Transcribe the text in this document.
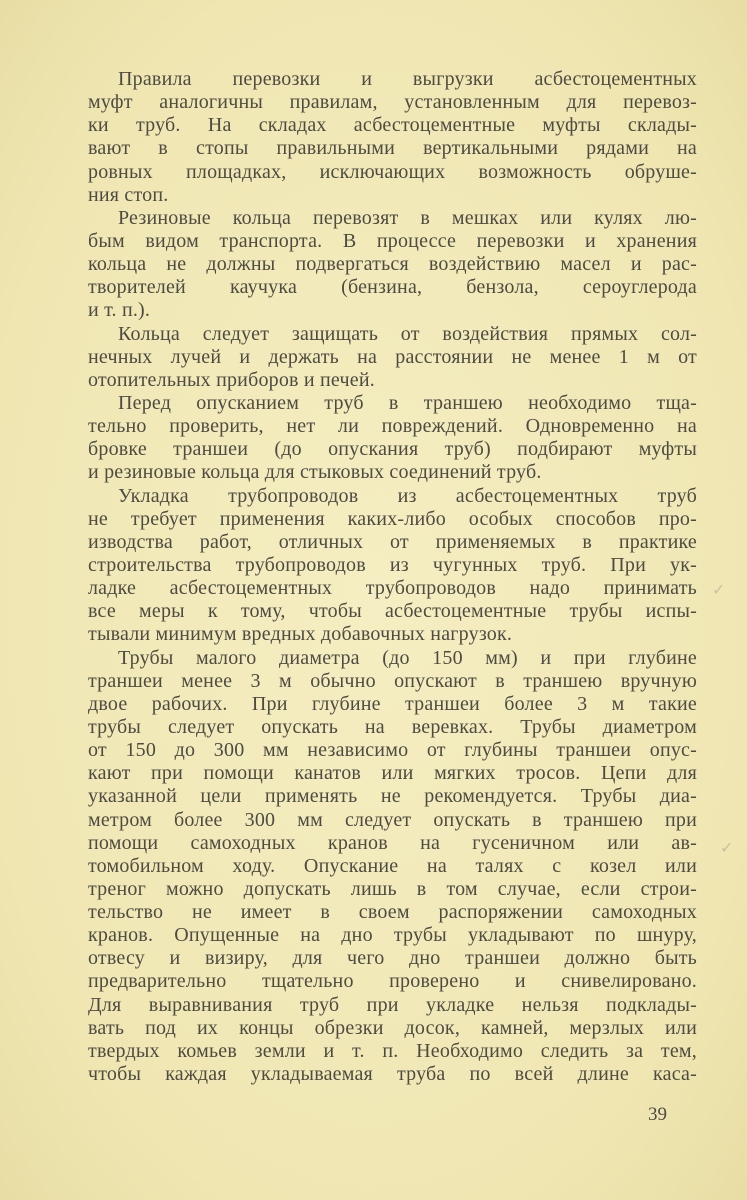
Правила перевозки и выгрузки асбестоцементных
муфт аналогичны правилам, установленным для перевоз-
ки труб. На складах асбестоцементные муфты склады-
вают в стопы правильными вертикальными рядами на
ровных площадках, исключающих возможность обруше-
ния стоп.
Резиновые кольца перевозят в мешках или кулях лю-
бым видом транспорта. В процессе перевозки и хранения
кольца не должны подвергаться воздействию масел и рас-
творителей каучука (бензина, бензола, сероуглерода
и т. п.).
Кольца следует защищать от воздействия прямых сол-
нечных лучей и держать на расстоянии не менее 1 м от
отопительных приборов и печей.
Перед опусканием труб в траншею необходимо тща-
тельно проверить, нет ли повреждений. Одновременно на
бровке траншеи (до опускания труб) подбирают муфты
и резиновые кольца для стыковых соединений труб.
Укладка трубопроводов из асбестоцементных труб
не требует применения каких-либо особых способов про-
изводства работ, отличных от применяемых в практике
строительства трубопроводов из чугунных труб. При ук-
ладке асбестоцементных трубопроводов надо принимать
все меры к тому, чтобы асбестоцементные трубы испы-
тывали минимум вредных добавочных нагрузок.
Трубы малого диаметра (до 150 мм) и при глубине
траншеи менее 3 м обычно опускают в траншею вручную
двое рабочих. При глубине траншеи более 3 м такие
трубы следует опускать на веревках. Трубы диаметром
от 150 до 300 мм независимо от глубины траншеи опус-
кают при помощи канатов или мягких тросов. Цепи для
указанной цели применять не рекомендуется. Трубы диа-
метром более 300 мм следует опускать в траншею при
помощи самоходных кранов на гусеничном или ав-
томобильном ходу. Опускание на талях с козел или
треног можно допускать лишь в том случае, если строи-
тельство не имеет в своем распоряжении самоходных
кранов. Опущенные на дно трубы укладывают по шнуру,
отвесу и визиру, для чего дно траншеи должно быть
предварительно тщательно проверено и снивелировано.
Для выравнивания труб при укладке нельзя подклады-
вать под их концы обрезки досок, камней, мерзлых или
твердых комьев земли и т. п. Необходимо следить за тем,
чтобы каждая укладываемая труба по всей длине каса-
39
✓
✓
